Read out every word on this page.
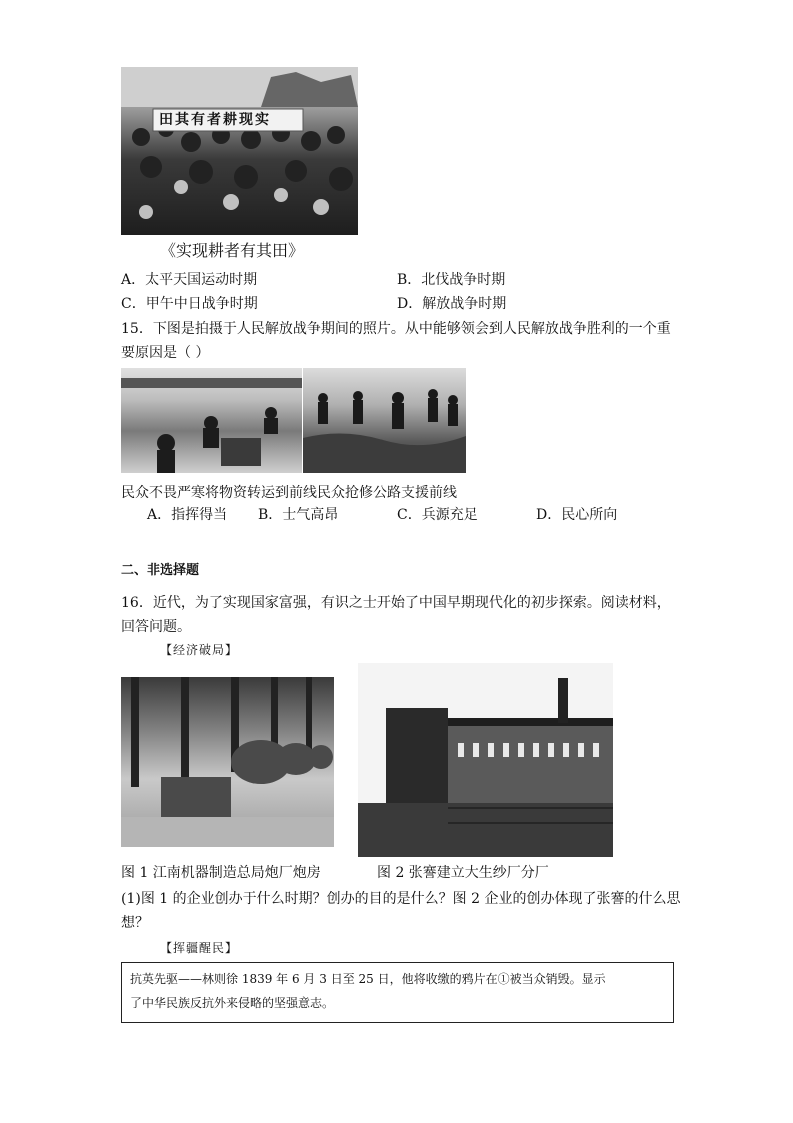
田其有者耕现实
《实现耕者有其田》
A．太平天国运动时期	B．北伐战争时期
C．甲午中日战争时期	D．解放战争时期
15．下图是拍摄于人民解放战争期间的照片。从中能够领会到人民解放战争胜利的一个重
要原因是（ ）
民众不畏严寒将物资转运到前线民众抢修公路支援前线
A．指挥得当 B．士气高昂	C．兵源充足	D．民心所向
二、非选择题
16．近代，为了实现国家富强，有识之士开始了中国早期现代化的初步探索。阅读材料，
回答问题。
【经济破局】
图 1 江南机器制造总局炮厂炮房	图 2 张謇建立大生纱厂分厂
(1)图 1 的企业创办于什么时期？创办的目的是什么？图 2 企业的创办体现了张謇的什么思
想？
【挥疆醒民】
抗英先驱——林则徐 1839 年 6 月 3 日至 25 日，他将收缴的鸦片在①被当众销毁。显示
了中华民族反抗外来侵略的坚强意志。
